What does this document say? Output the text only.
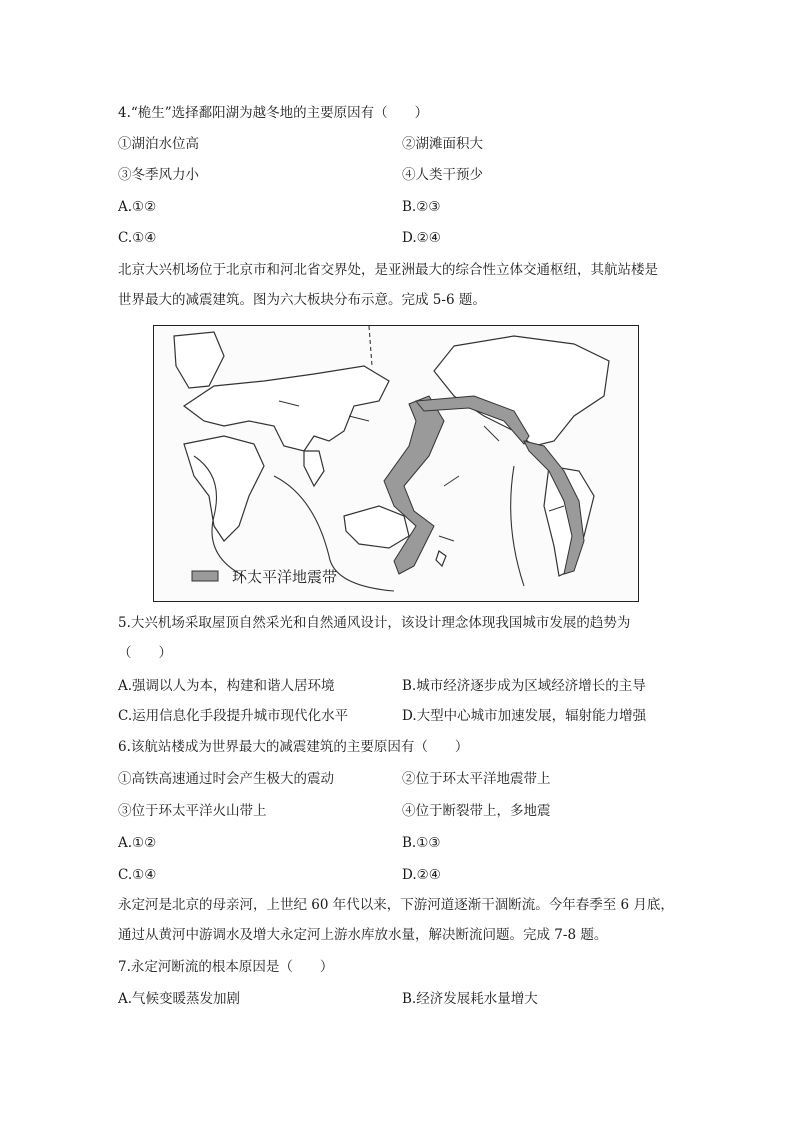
4.“桅生”选择鄱阳湖为越冬地的主要原因有（　　）
①湖泊水位高	②湖滩面积大
③冬季风力小	④人类干预少
A.①②	B.②③
C.①④	D.②④
北京大兴机场位于北京市和河北省交界处，是亚洲最大的综合性立体交通枢纽，其航站楼是
世界最大的减震建筑。图为六大板块分布示意。完成 5-6 题。
环太平洋地震带
5.大兴机场采取屋顶自然采光和自然通风设计，该设计理念体现我国城市发展的趋势为
（　　）
A.强调以人为本，构建和谐人居环境	B.城市经济逐步成为区域经济增长的主导
C.运用信息化手段提升城市现代化水平	D.大型中心城市加速发展，辐射能力增强
6.该航站楼成为世界最大的减震建筑的主要原因有（　　）
①高铁高速通过时会产生极大的震动	②位于环太平洋地震带上
③位于环太平洋火山带上	④位于断裂带上，多地震
A.①②	B.①③
C.①④	D.②④
永定河是北京的母亲河，上世纪 60 年代以来，下游河道逐渐干涸断流。今年春季至 6 月底，
通过从黄河中游调水及增大永定河上游水库放水量，解决断流问题。完成 7-8 题。
7.永定河断流的根本原因是（　　）
A.气候变暖蒸发加剧	B.经济发展耗水量增大
